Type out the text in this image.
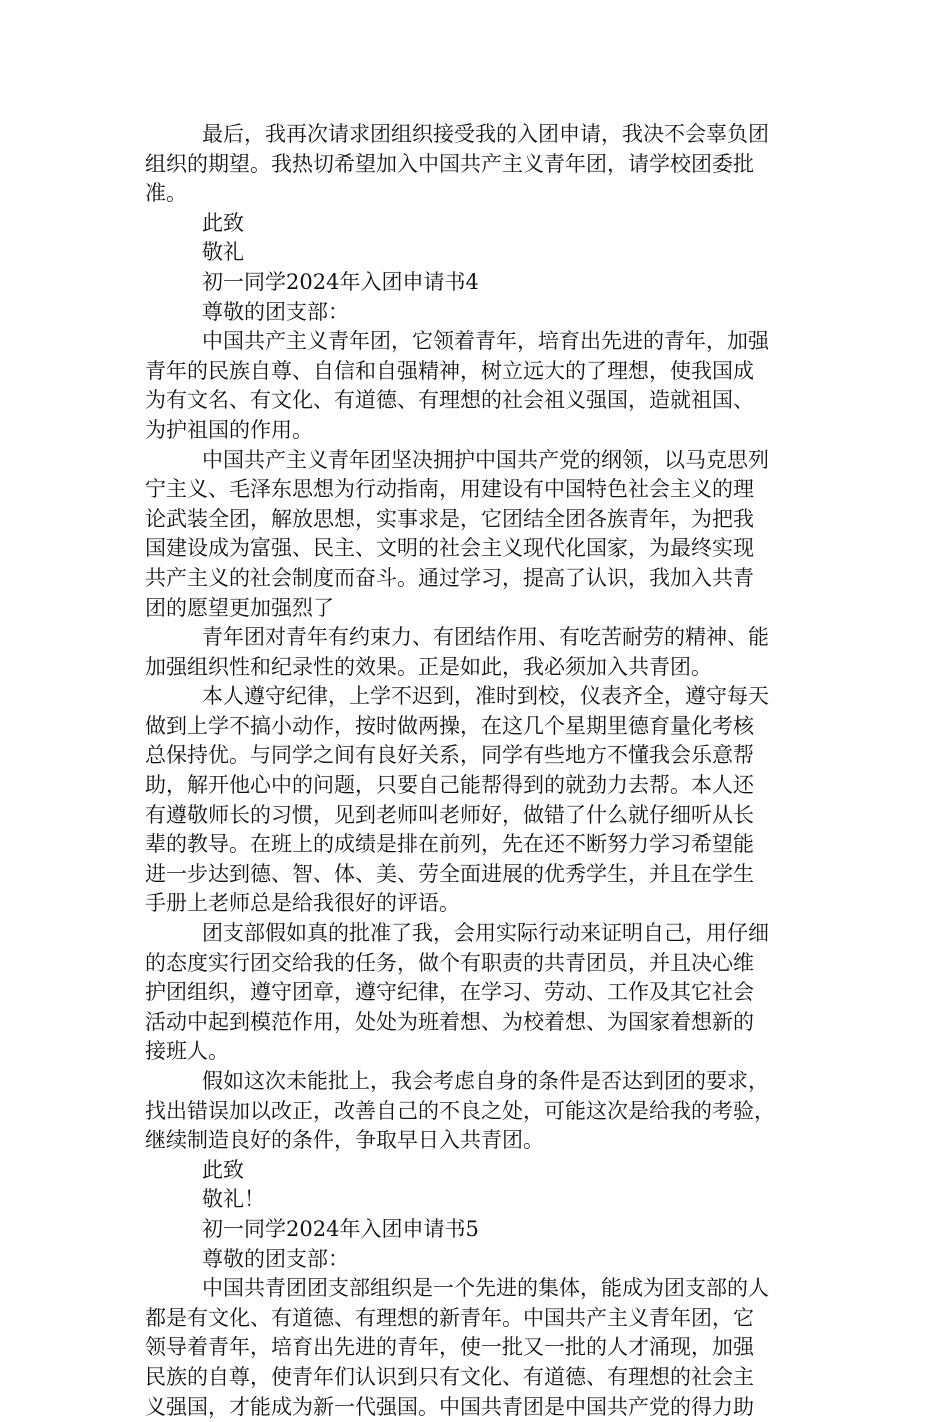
最后，我再次请求团组织接受我的入团申请，我决不会辜负团

组织的期望。我热切希望加入中国共产主义青年团，请学校团委批

准。

此致

敬礼

初一同学2024年入团申请书4

尊敬的团支部：

中国共产主义青年团，它领着青年，培育出先进的青年，加强

青年的民族自尊、自信和自强精神，树立远大的了理想，使我国成

为有文名、有文化、有道德、有理想的社会祖义强国，造就祖国、

为护祖国的作用。

中国共产主义青年团坚决拥护中国共产党的纲领，以马克思列

宁主义、毛泽东思想为行动指南，用建设有中国特色社会主义的理

论武装全团，解放思想，实事求是，它团结全团各族青年，为把我

国建设成为富强、民主、文明的社会主义现代化国家，为最终实现

共产主义的社会制度而奋斗。通过学习，提高了认识，我加入共青

团的愿望更加强烈了

青年团对青年有约束力、有团结作用、有吃苦耐劳的精神、能

加强组织性和纪录性的效果。正是如此，我必须加入共青团。

本人遵守纪律，上学不迟到，准时到校，仪表齐全，遵守每天

做到上学不搞小动作，按时做两操，在这几个星期里德育量化考核

总保持优。与同学之间有良好关系，同学有些地方不懂我会乐意帮

助，解开他心中的问题，只要自己能帮得到的就劲力去帮。本人还

有遵敬师长的习惯，见到老师叫老师好，做错了什么就仔细听从长

辈的教导。在班上的成绩是排在前列，先在还不断努力学习希望能

进一步达到德、智、体、美、劳全面进展的优秀学生，并且在学生

手册上老师总是给我很好的评语。

团支部假如真的批准了我，会用实际行动来证明自己，用仔细

的态度实行团交给我的任务，做个有职责的共青团员，并且决心维

护团组织，遵守团章，遵守纪律，在学习、劳动、工作及其它社会

活动中起到模范作用，处处为班着想、为校着想、为国家着想新的

接班人。

假如这次未能批上，我会考虑自身的条件是否达到团的要求，

找出错误加以改正，改善自己的不良之处，可能这次是给我的考验，

继续制造良好的条件，争取早日入共青团。

此致

敬礼！

初一同学2024年入团申请书5

尊敬的团支部：

中国共青团团支部组织是一个先进的集体，能成为团支部的人

都是有文化、有道德、有理想的新青年。中国共产主义青年团，它

领导着青年，培育出先进的青年，使一批又一批的人才涌现，加强

民族的自尊，使青年们认识到只有文化、有道德、有理想的社会主

义强国，才能成为新一代强国。中国共青团是中国共产党的得力助
